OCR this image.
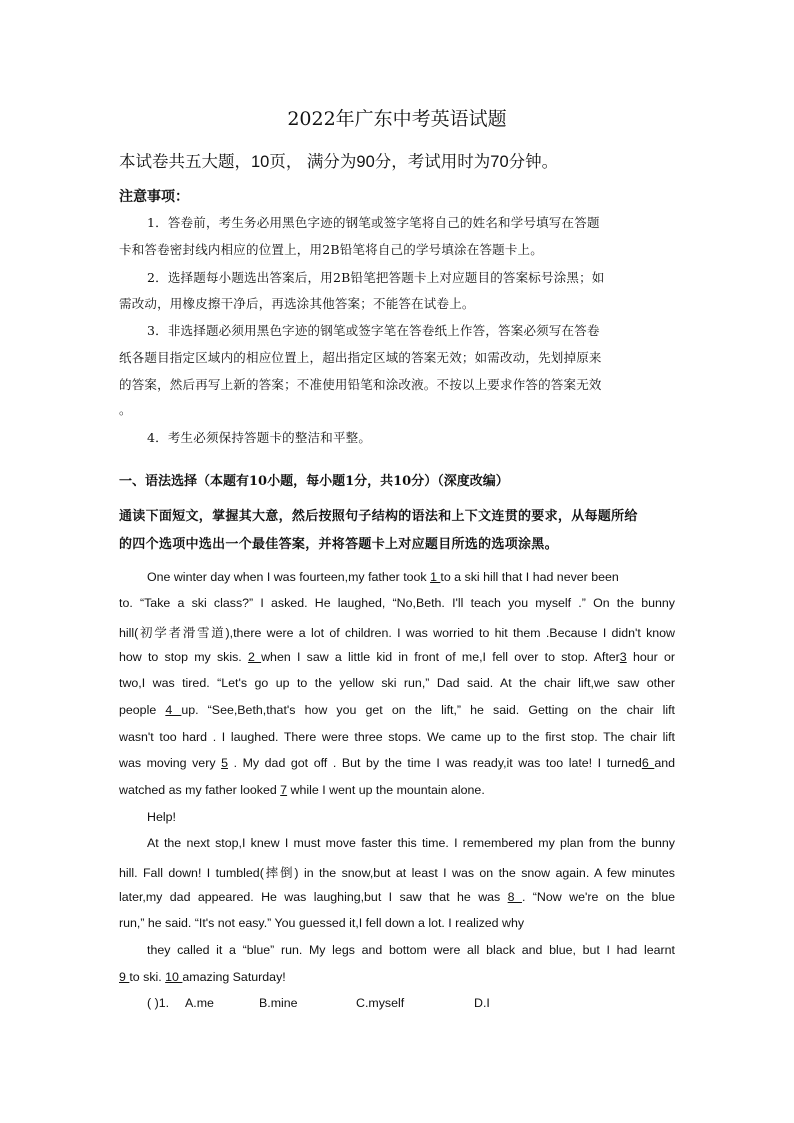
2022年广东中考英语试题
本试卷共五大题，10页， 满分为90分，考试用时为70分钟。
注意事项：
1．答卷前，考生务必用黑色字迹的钢笔或签字笔将自己的姓名和学号填写在答题
卡和答卷密封线内相应的位置上，用2B铅笔将自己的学号填涂在答题卡上。
2．选择题每小题选出答案后，用2B铅笔把答题卡上对应题目的答案标号涂黑；如
需改动，用橡皮擦干净后，再选涂其他答案；不能答在试卷上。
3．非选择题必须用黑色字迹的钢笔或签字笔在答卷纸上作答，答案必须写在答卷
纸各题目指定区域内的相应位置上，超出指定区域的答案无效；如需改动，先划掉原来
的答案，然后再写上新的答案；不准使用铅笔和涂改液。不按以上要求作答的答案无效
。
4．考生必须保持答题卡的整洁和平整。
一、语法选择（本题有10小题，每小题1分，共10分）（深度改编）
通读下面短文，掌握其大意，然后按照句子结构的语法和上下文连贯的要求，从每题所给
的四个选项中选出一个最佳答案，并将答题卡上对应题目所选的选项涂黑。
One winter day when I was fourteen,my father took 1 to a ski hill that I had never been
to. “Take a ski class?” I asked. He laughed, “No,Beth. I'll teach you myself .” On the bunny
hill(初学者滑雪道),there were a lot of children. I was worried to hit them .Because I didn't know
how to stop my skis. 2 when I saw a little kid in front of me,I fell over to stop. After3 hour or
two,I was tired. “Let's go up to the yellow ski run,” Dad said. At the chair lift,we saw other
people 4 up. “See,Beth,that's how you get on the lift,” he said. Getting on the chair lift
wasn't too hard . I laughed. There were three stops. We came up to the first stop. The chair lift
was moving very 5 . My dad got off . But by the time I was ready,it was too late! I turned6 and
watched as my father looked 7 while I went up the mountain alone.
Help!
At the next stop,I knew I must move faster this time. I remembered my plan from the bunny
hill. Fall down! I tumbled(摔倒) in the snow,but at least I was on the snow again. A few minutes
later,my dad appeared. He was laughing,but I saw that he was 8 . “Now we're on the blue
run,” he said. “It's not easy.” You guessed it,I fell down a lot. I realized why
they called it a “blue” run. My legs and bottom were all black and blue, but I had learnt
9 to ski. 10 amazing Saturday!
( )1. A.me	B.mine	C.myself	D.I
